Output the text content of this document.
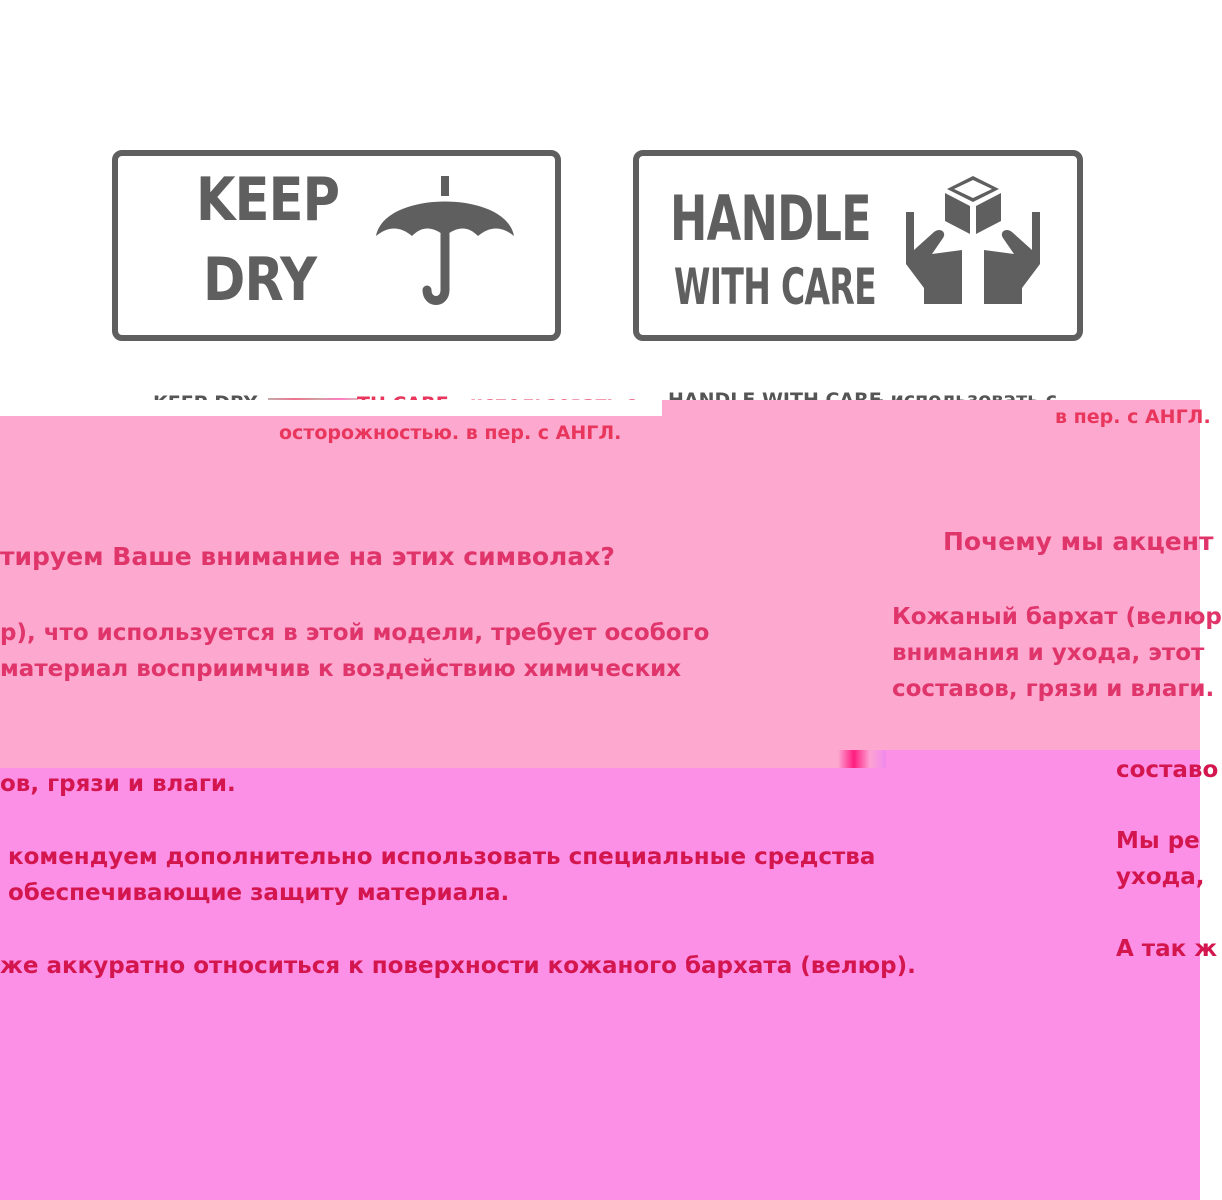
KEEP
DRY
HANDLE
WITH CARE
осторожностью. в пер. с АНГЛ.
в пер. с АНГЛ.
тируем Ваше внимание на этих символах?
р), что используется в этой модели, требует особого
материал восприимчив к воздействию химических
Почему мы акцент
Кожаный бархат (велюр
внимания и ухода, этот
составов, грязи и влаги.
ов, грязи и влаги.
комендуем дополнительно использовать специальные средства
обеспечивающие защиту материала.
же аккуратно относиться к поверхности кожаного бархата (велюр).
составо
Мы ре
ухода,
А так ж
